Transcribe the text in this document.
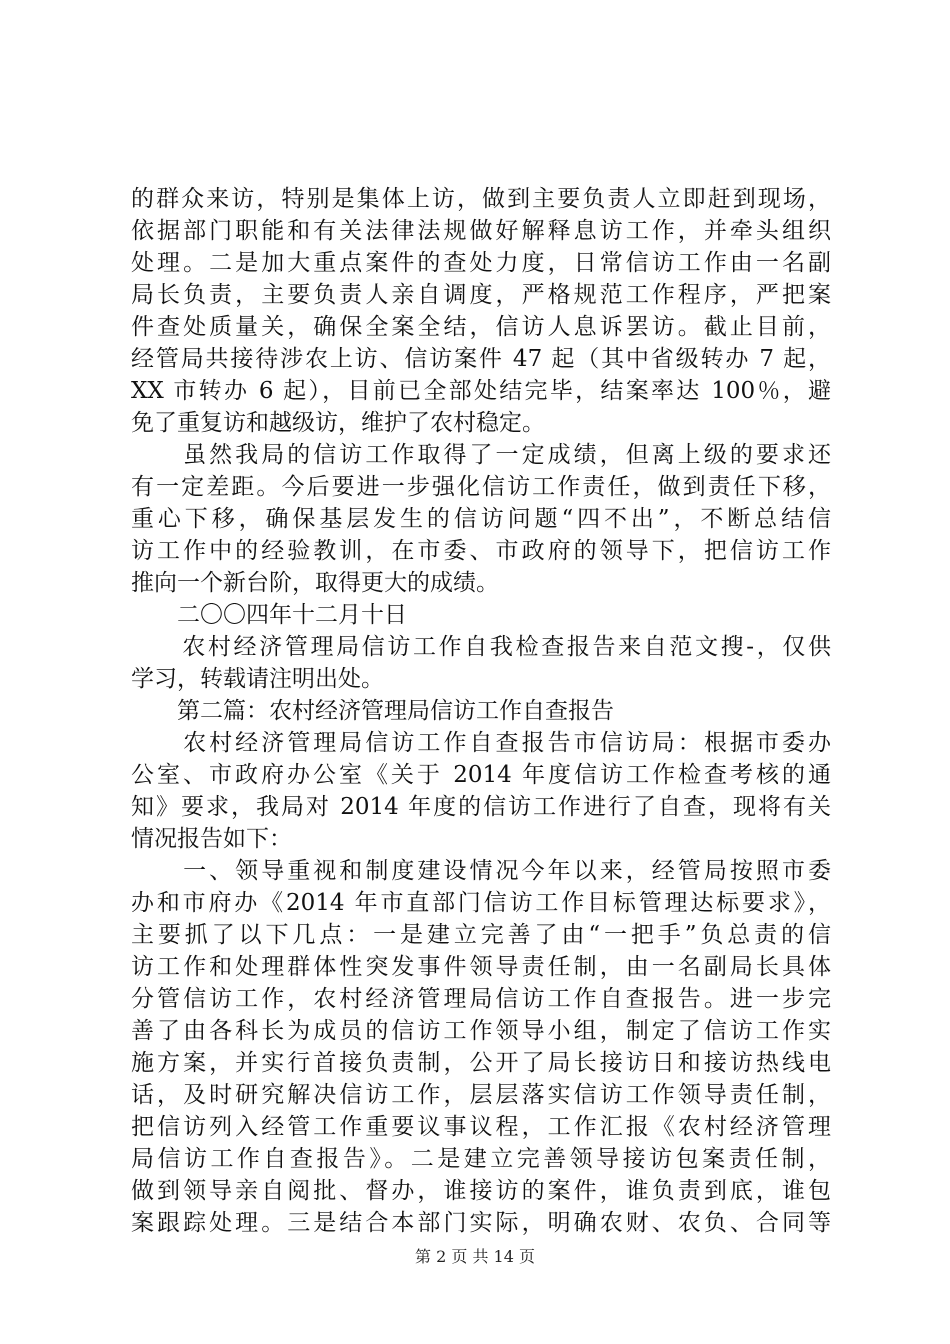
的群众来访，特别是集体上访，做到主要负责人立即赶到现场，
依据部门职能和有关法律法规做好解释息访工作，并牵头组织
处理。二是加大重点案件的查处力度，日常信访工作由一名副
局长负责，主要负责人亲自调度，严格规范工作程序，严把案
件查处质量关，确保全案全结，信访人息诉罢访。截止目前，
经管局共接待涉农上访、信访案件 47 起（其中省级转办 7 起，
XX 市转办 6 起），目前已全部处结完毕，结案率达 100％，避
免了重复访和越级访，维护了农村稳定。
　　虽然我局的信访工作取得了一定成绩，但离上级的要求还
有一定差距。今后要进一步强化信访工作责任，做到责任下移，
重心下移，确保基层发生的信访问题“四不出”，不断总结信
访工作中的经验教训，在市委、市政府的领导下，把信访工作
推向一个新台阶，取得更大的成绩。
　　二〇〇四年十二月十日
　　农村经济管理局信访工作自我检查报告来自范文搜-，仅供
学习，转载请注明出处。
　　第二篇：农村经济管理局信访工作自查报告
　　农村经济管理局信访工作自查报告市信访局：根据市委办
公室、市政府办公室《关于 2014 年度信访工作检查考核的通
知》要求，我局对 2014 年度的信访工作进行了自查，现将有关
情况报告如下：
　　一、领导重视和制度建设情况今年以来，经管局按照市委
办和市府办《2014 年市直部门信访工作目标管理达标要求》，
主要抓了以下几点：一是建立完善了由“一把手”负总责的信
访工作和处理群体性突发事件领导责任制，由一名副局长具体
分管信访工作，农村经济管理局信访工作自查报告。进一步完
善了由各科长为成员的信访工作领导小组，制定了信访工作实
施方案，并实行首接负责制，公开了局长接访日和接访热线电
话，及时研究解决信访工作，层层落实信访工作领导责任制，
把信访列入经管工作重要议事议程，工作汇报《农村经济管理
局信访工作自查报告》。二是建立完善领导接访包案责任制，
做到领导亲自阅批、督办，谁接访的案件，谁负责到底，谁包
案跟踪处理。三是结合本部门实际，明确农财、农负、合同等
第 2 页 共 14 页
